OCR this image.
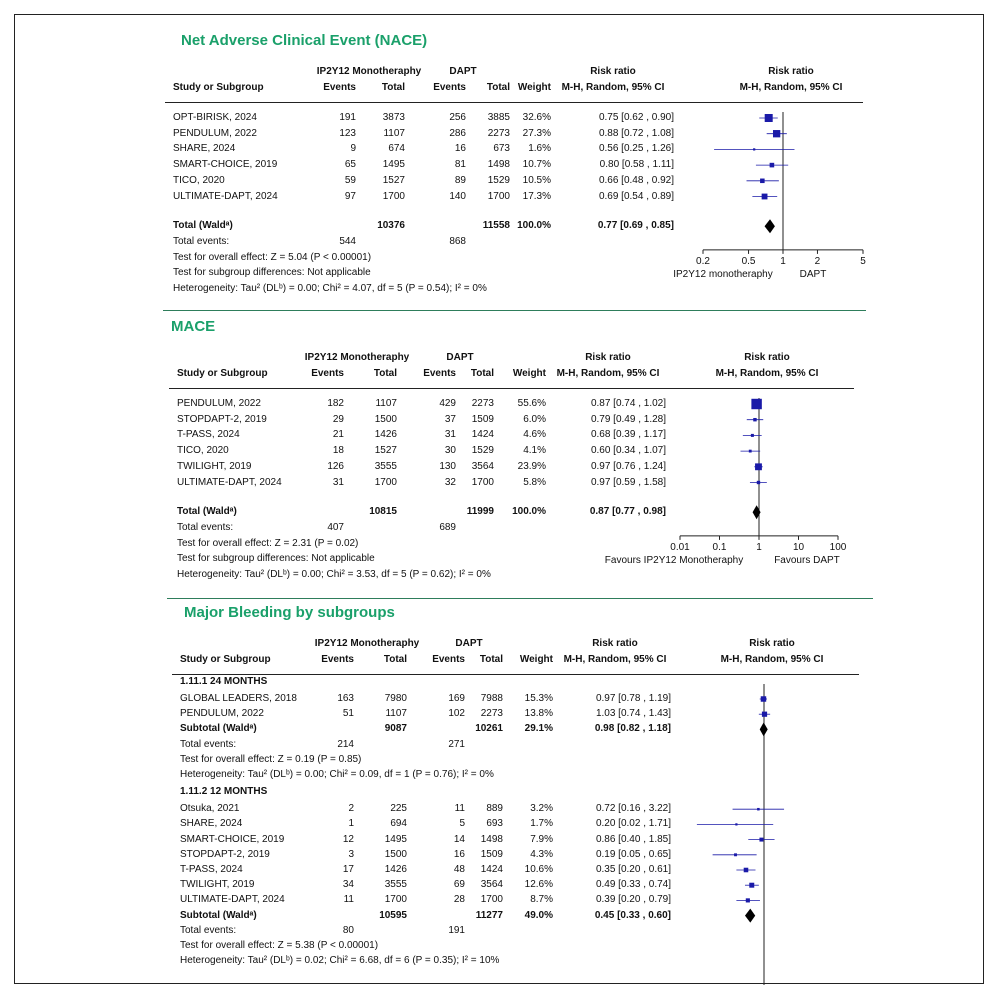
Net Adverse Clinical Event (NACE)
IP2Y12 Monotheraphy	DAPT	Risk ratio	Risk ratio
Study or Subgroup	Events	Total	Events Total Weight	M-H, Random, 95% CI	M-H, Random, 95% CI
OPT-BIRISK, 2024	191	3873	256 3885 32.6%	0.75 [0.62 , 0.90]
PENDULUM, 2022	123	1107	286 2273 27.3%	0.88 [0.72 , 1.08]
SHARE, 2024	9	674	16	673 1.6%	0.56 [0.25 , 1.26]
SMART-CHOICE, 2019	65	1495	81 1498 10.7%	0.80 [0.58 , 1.11]
TICO, 2020	59	1527	89 1529 10.5%	0.66 [0.48 , 0.92]
ULTIMATE-DAPT, 2024	97	1700	140 1700 17.3%	0.69 [0.54 , 0.89]
Total (Waldᵃ)	10376	11558 100.0%	0.77 [0.69 , 0.85]
Total events:	544	868
Test for overall effect: Z = 5.04 (P < 0.00001)
Test for subgroup differences: Not applicable
Heterogeneity: Tau² (DLᵇ) = 0.00; Chi² = 4.07, df = 5 (P = 0.54); I² = 0%
0.2	0.5	1	2	5
IP2Y12 monotheraphy	DAPT
MACE
IP2Y12 Monotheraphy	DAPT	Risk ratio	Risk ratio
Study or Subgroup	Events	Total	Events Total Weight	M-H, Random, 95% CI	M-H, Random, 95% CI
PENDULUM, 2022	182	1107	429 2273 55.6%	0.87 [0.74 , 1.02]
STOPDAPT-2, 2019	29	1500	37 1509	6.0%	0.79 [0.49 , 1.28]
T-PASS, 2024	21	1426	31 1424	4.6%	0.68 [0.39 , 1.17]
TICO, 2020	18	1527	30 1529	4.1%	0.60 [0.34 , 1.07]
TWILIGHT, 2019	126	3555	130 3564 23.9%	0.97 [0.76 , 1.24]
ULTIMATE-DAPT, 2024	31	1700	32 1700	5.8%	0.97 [0.59 , 1.58]
Total (Waldᵃ)	10815	11999 100.0%	0.87 [0.77 , 0.98]
Total events:	407	689
Test for overall effect: Z = 2.31 (P = 0.02)
Test for subgroup differences: Not applicable
Heterogeneity: Tau² (DLᵇ) = 0.00; Chi² = 3.53, df = 5 (P = 0.62); I² = 0%
0.01	0.1	1	10	100
Favours IP2Y12 Monotheraphy	Favours DAPT
Major Bleeding by subgroups
IP2Y12 Monotheraphy	DAPT	Risk ratio	Risk ratio
Study or Subgroup	Events	Total	Events Total Weight	M-H, Random, 95% CI	M-H, Random, 95% CI
1.11.1 24 MONTHS
GLOBAL LEADERS, 2018	163	7980	169 7988 15.3%	0.97 [0.78 , 1.19]
PENDULUM, 2022	51	1107	102 2273 13.8%	1.03 [0.74 , 1.43]
Subtotal (Waldᵃ)	9087	10261 29.1%	0.98 [0.82 , 1.18]
Total events:	214	271
Test for overall effect: Z = 0.19 (P = 0.85)
Heterogeneity: Tau² (DLᵇ) = 0.00; Chi² = 0.09, df = 1 (P = 0.76); I² = 0%
1.11.2 12 MONTHS
Otsuka, 2021	2	225	11 889	3.2%	0.72 [0.16 , 3.22]
SHARE, 2024	1	694	5 693	1.7%	0.20 [0.02 , 1.71]
SMART-CHOICE, 2019	12	1495	14 1498	7.9%	0.86 [0.40 , 1.85]
STOPDAPT-2, 2019	3	1500	16 1509	4.3%	0.19 [0.05 , 0.65]
T-PASS, 2024	17	1426	48 1424 10.6%	0.35 [0.20 , 0.61]
TWILIGHT, 2019	34	3555	69 3564 12.6%	0.49 [0.33 , 0.74]
ULTIMATE-DAPT, 2024	11	1700	28 1700	8.7%	0.39 [0.20 , 0.79]
Subtotal (Waldᵃ)	10595	11277 49.0%	0.45 [0.33 , 0.60]
Total events:	80	191
Test for overall effect: Z = 5.38 (P < 0.00001)
Heterogeneity: Tau² (DLᵇ) = 0.02; Chi² = 6.68, df = 6 (P = 0.35); I² = 10%
